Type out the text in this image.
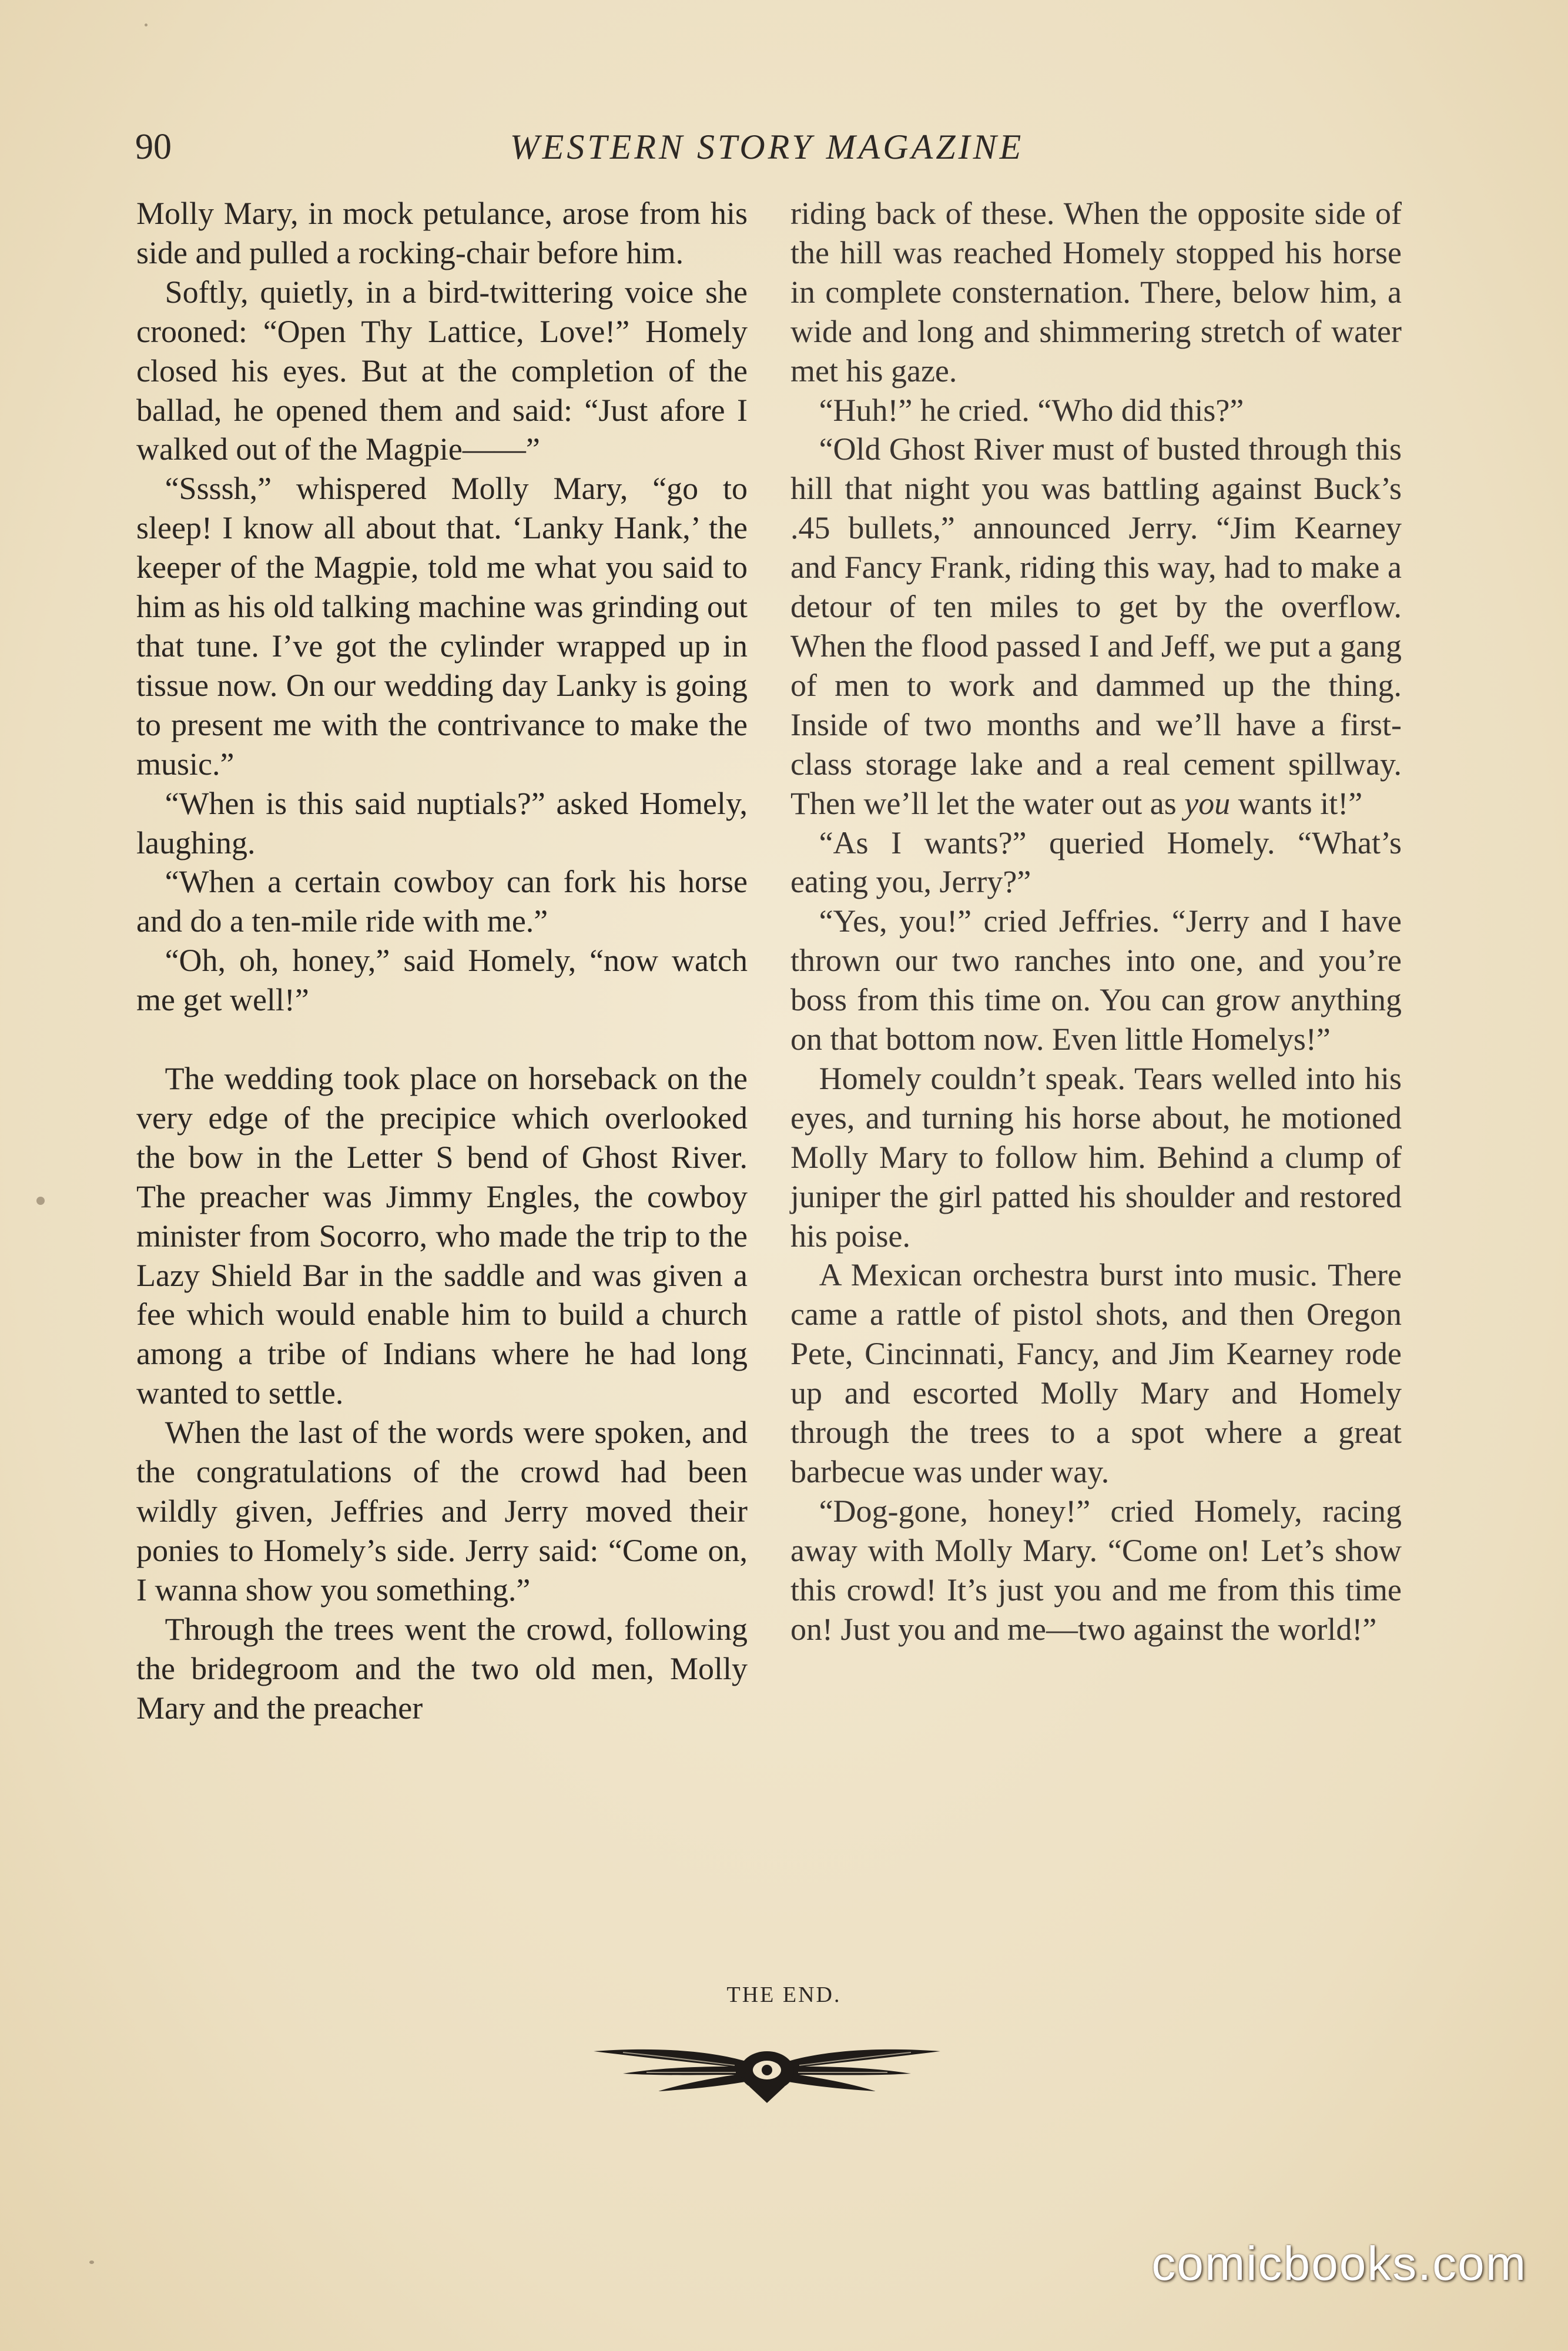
90	WESTERN STORY MAGAZINE

Molly Mary, in mock petulance, arose from his side and pulled a rocking-chair before him.

Softly, quietly, in a bird-twittering voice she crooned: “Open Thy Lattice, Love!” Homely closed his eyes. But at the completion of the ballad, he opened them and said: “Just afore I walked out of the Magpie——”

“Ssssh,” whispered Molly Mary, “go to sleep! I know all about that. ‘Lanky Hank,’ the keeper of the Magpie, told me what you said to him as his old talking machine was grinding out that tune. I’ve got the cylinder wrapped up in tissue now. On our wedding day Lanky is going to present me with the contrivance to make the music.”

“When is this said nuptials?” asked Homely, laughing.

“When a certain cowboy can fork his horse and do a ten-mile ride with me.”

“Oh, oh, honey,” said Homely, “now watch me get well!”

The wedding took place on horseback on the very edge of the precipice which overlooked the bow in the Letter S bend of Ghost River. The preacher was Jimmy Engles, the cowboy minister from Socorro, who made the trip to the Lazy Shield Bar in the saddle and was given a fee which would enable him to build a church among a tribe of Indians where he had long wanted to settle.

When the last of the words were spoken, and the congratulations of the crowd had been wildly given, Jeffries and Jerry moved their ponies to Homely’s side. Jerry said: “Come on, I wanna show you something.”

Through the trees went the crowd, following the bridegroom and the two old men, Molly Mary and the preacher

riding back of these. When the opposite side of the hill was reached Homely stopped his horse in complete consternation. There, below him, a wide and long and shimmering stretch of water met his gaze.

“Huh!” he cried. “Who did this?”

“Old Ghost River must of busted through this hill that night you was battling against Buck’s .45 bullets,” announced Jerry. “Jim Kearney and Fancy Frank, riding this way, had to make a detour of ten miles to get by the overflow. When the flood passed I and Jeff, we put a gang of men to work and dammed up the thing. Inside of two months and we’ll have a first-class storage lake and a real cement spillway. Then we’ll let the water out as you wants it!”

“As I wants?” queried Homely. “What’s eating you, Jerry?”

“Yes, you!” cried Jeffries. “Jerry and I have thrown our two ranches into one, and you’re boss from this time on. You can grow anything on that bottom now. Even little Homelys!”

Homely couldn’t speak. Tears welled into his eyes, and turning his horse about, he motioned Molly Mary to follow him. Behind a clump of juniper the girl patted his shoulder and restored his poise.

A Mexican orchestra burst into music. There came a rattle of pistol shots, and then Oregon Pete, Cincinnati, Fancy, and Jim Kearney rode up and escorted Molly Mary and Homely through the trees to a spot where a great barbecue was under way.

“Dog-gone, honey!” cried Homely, racing away with Molly Mary. “Come on! Let’s show this crowd! It’s just you and me from this time on! Just you and me—two against the world!”

THE END.
comicbooks.com
